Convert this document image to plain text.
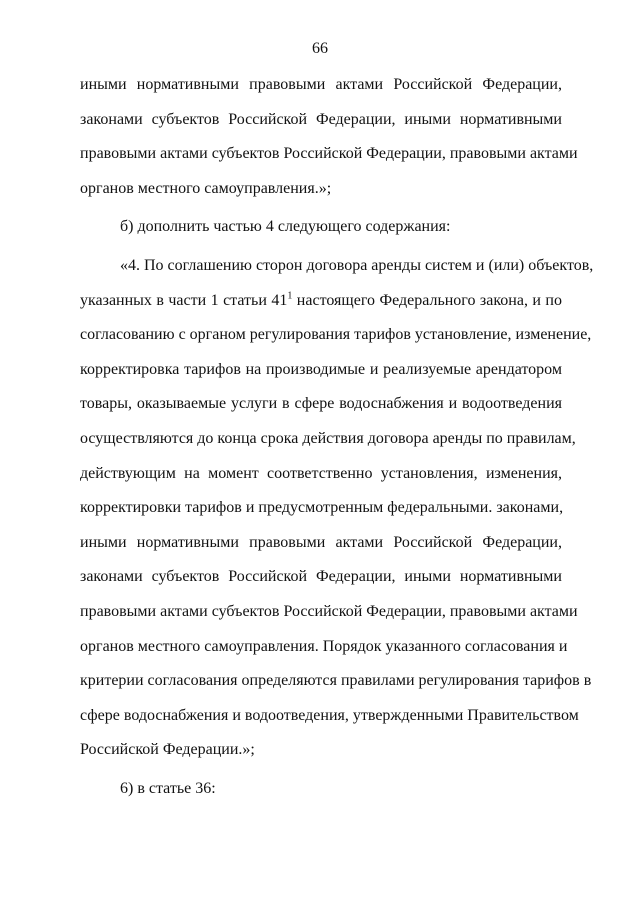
66
иными нормативными правовыми актами Российской Федерации,
законами субъектов Российской Федерации, иными нормативными
правовыми актами субъектов Российской Федерации, правовыми актами
органов местного самоуправления.»;
б) дополнить частью 4 следующего содержания:
«4. По соглашению сторон договора аренды систем и (или) объектов,
указанных в части 1 статьи $41^1$ настоящего Федерального закона, и по
согласованию с органом регулирования тарифов установление, изменение,
корректировка тарифов на производимые и реализуемые арендатором
товары, оказываемые услуги в сфере водоснабжения и водоотведения
осуществляются до конца срока действия договора аренды по правилам,
действующим на момент соответственно установления, изменения,
корректировки тарифов и предусмотренным федеральными. законами,
иными нормативными правовыми актами Российской Федерации,
законами субъектов Российской Федерации, иными нормативными
правовыми актами субъектов Российской Федерации, правовыми актами
органов местного самоуправления. Порядок указанного согласования и
критерии согласования определяются правилами регулирования тарифов в
сфере водоснабжения и водоотведения, утвержденными Правительством
Российской Федерации.»;
6) в статье 36:
